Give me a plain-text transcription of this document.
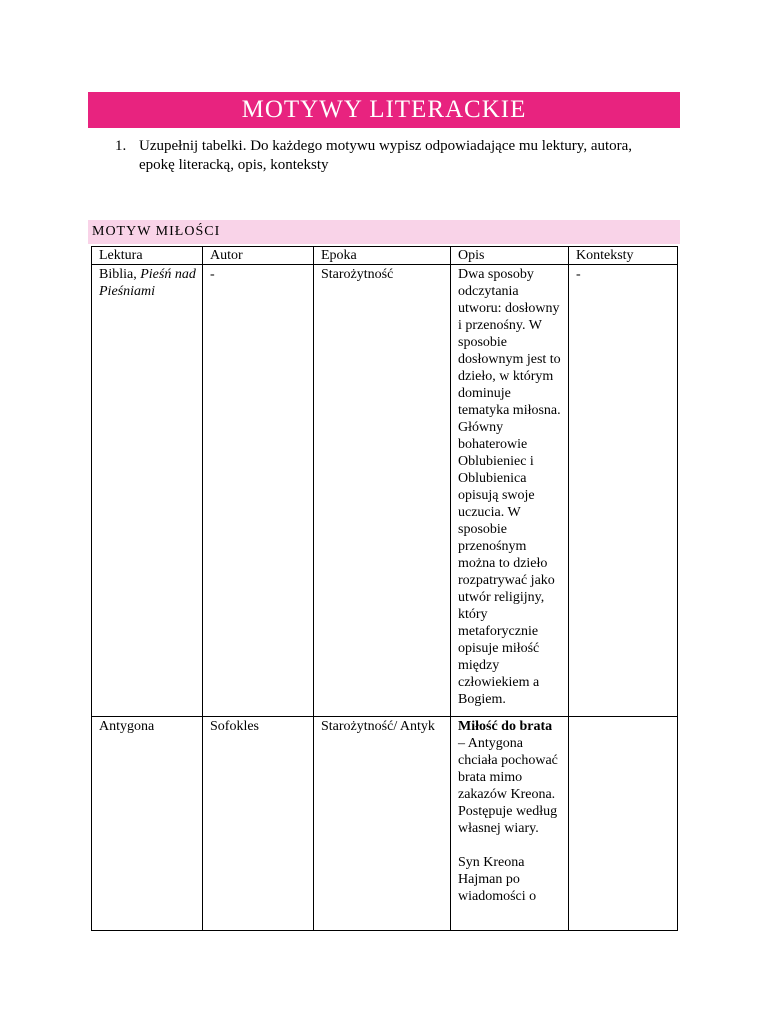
MOTYWY LITERACKIE
1. Uzupełnij tabelki. Do każdego motywu wypisz odpowiadające mu lektury, autora,
epokę literacką, opis, konteksty
MOTYW MIŁOŚCI
Lektura	Autor	Epoka	Opis	Konteksty
Biblia, Pieśń nad Pieśniami	-	Starożytność	Dwa sposoby odczytania utworu: dosłowny i przenośny. W sposobie dosłownym jest to dzieło, w którym dominuje tematyka miłosna. Główny bohaterowie Oblubieniec i Oblubienica opisują swoje uczucia. W sposobie przenośnym można to dzieło rozpatrywać jako utwór religijny, który metaforycznie opisuje miłość między człowiekiem a Bogiem.	-
Antygona	Sofokles	Starożytność/ Antyk	Miłość do brata – Antygona chciała pochować brata mimo zakazów Kreona. Postępuje według własnej wiary.
Syn Kreona Hajman po wiadomości o	
